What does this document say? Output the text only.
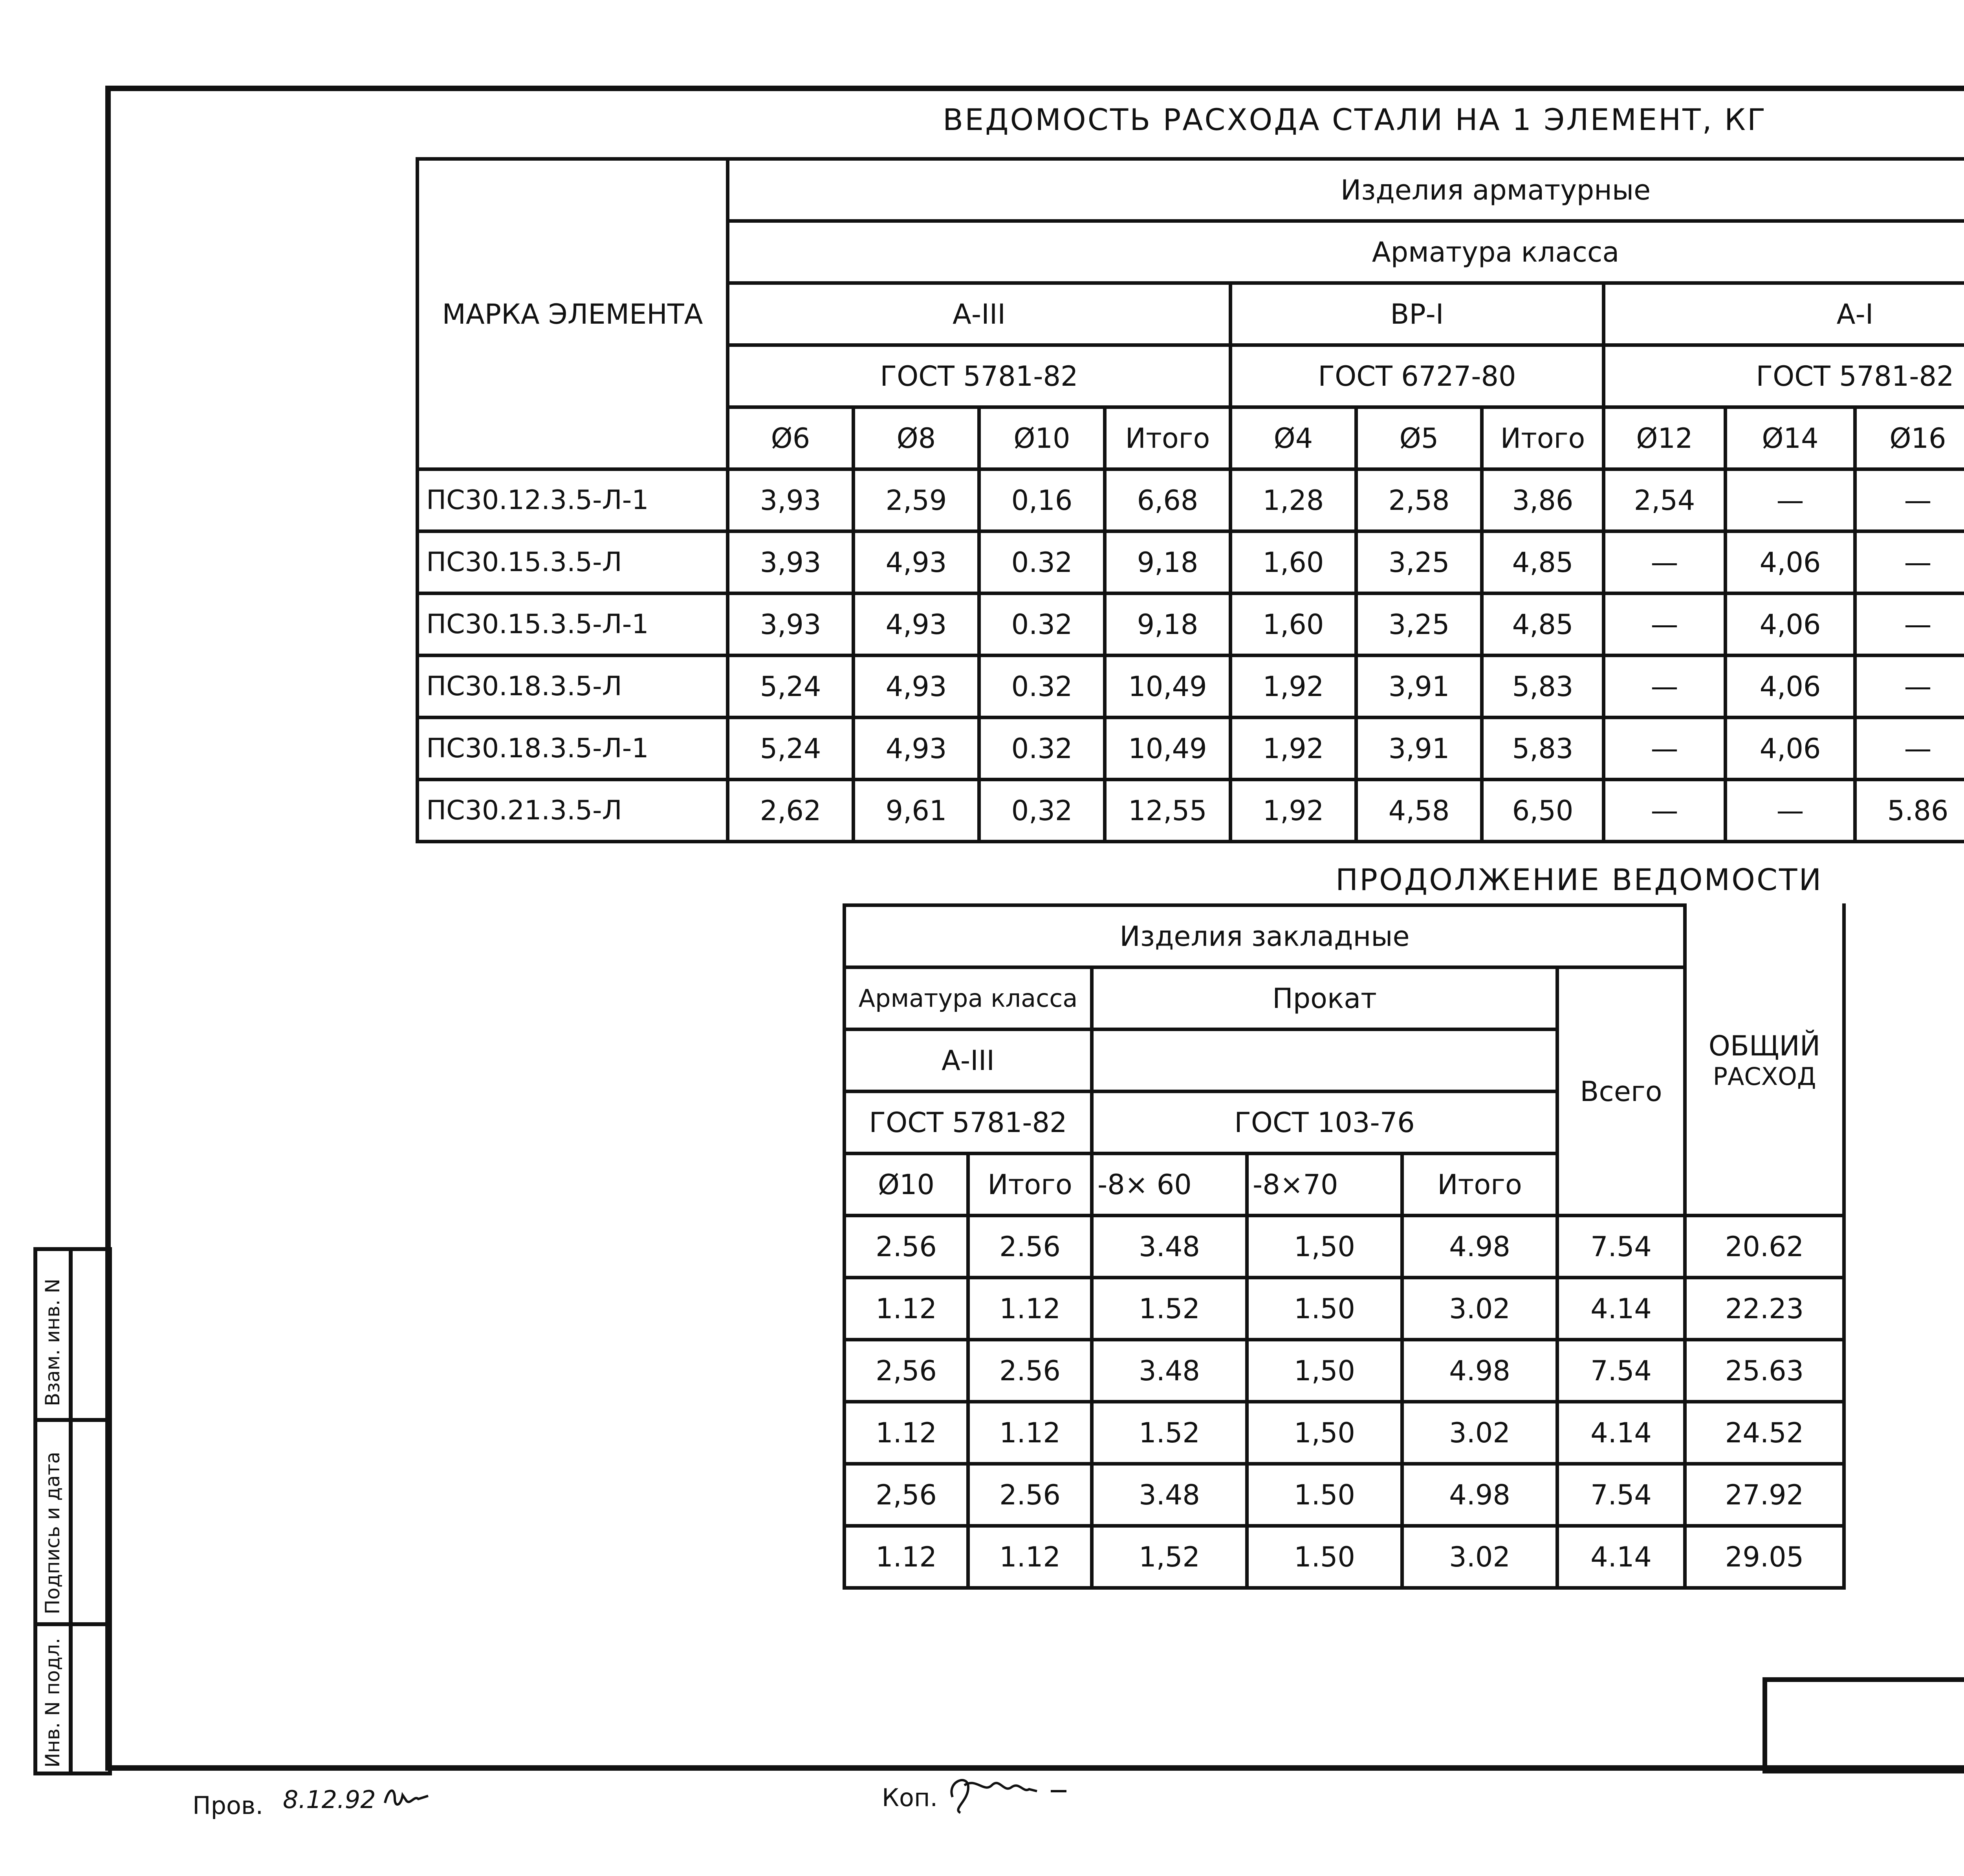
ВЕДОМОСТЬ РАСХОДА СТАЛИ НА 1 ЭЛЕМЕНТ, КГ
МАРКА ЭЛЕМЕНТА	Изделия арматурные											
	Арматура класса											
	А-III				ВР-I			А-I	
	ГОСТ 5781-82				ГОСТ 6727-80			ГОСТ 5781-82				
	Ø6	Ø8	Ø10	Итого	Ø4	Ø5	Итого	Ø12	Ø14	Ø16	
ПС30.12.3.5-Л-1	3,93	2,59	0,16	6,68	1,28	2,58	3,86	2,54	—	—		
ПС30.15.3.5-Л	3,93	4,93	0.32	9,18	1,60	3,25	4,85	—	4,06	—		
ПС30.15.3.5-Л-1	3,93	4,93	0.32	9,18	1,60	3,25	4,85	—	4,06	—		
ПС30.18.3.5-Л	5,24	4,93	0.32	10,49	1,92	3,91	5,83	—	4,06	—		
ПС30.18.3.5-Л-1	5,24	4,93	0.32	10,49	1,92	3,91	5,83	—	4,06	—		
ПС30.21.3.5-Л	2,62	9,61	0,32	12,55	1,92	4,58	6,50	—	—	5.86		
ПРОДОЛЖЕНИЕ ВЕДОМОСТИ
Изделия закладные						ОБЩИЙ
РАСХОД

Арматура класса		Прокат			Всего	
А-III						
ГОСТ 5781-82		ГОСТ 103-76				
Ø10	Итого	-8× 60	-8×70	Итого		
2.56	2.56	3.48	1,50	4.98	7.54	20.62
1.12	1.12	1.52	1.50	3.02	4.14	22.23
2,56	2.56	3.48	1,50	4.98	7.54	25.63
1.12	1.12	1.52	1,50	3.02	4.14	24.52
2,56	2.56	3.48	1.50	4.98	7.54	27.92
1.12	1.12	1,52	1.50	3.02	4.14	29.05
Взам. инв. N
Подпись и дата
Инв. N подл.
Пров. 8.12.92	Коп.
